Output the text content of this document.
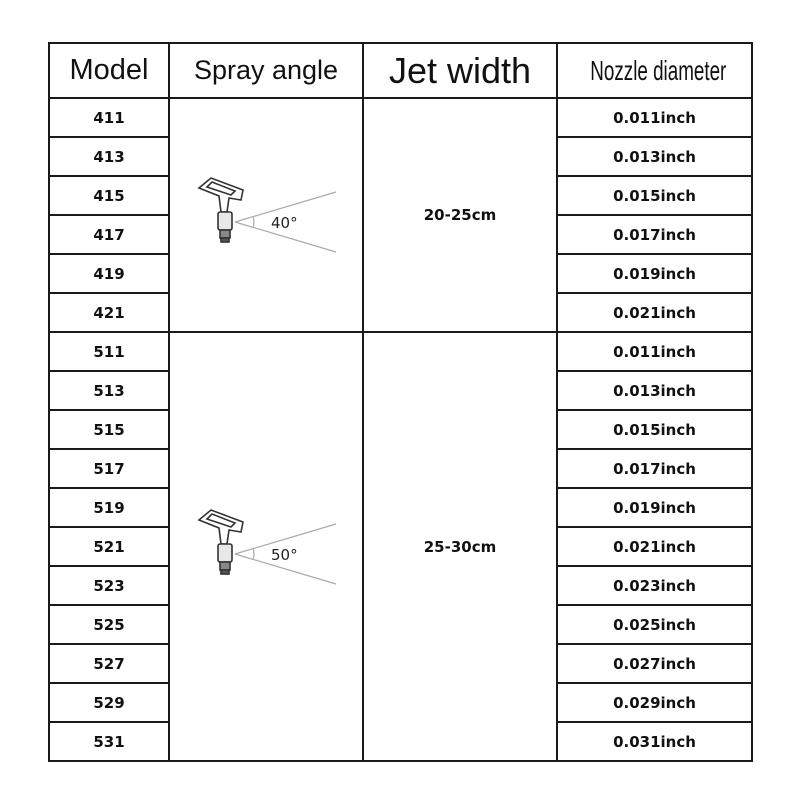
Model	Spray angle	Jet width	Nozzle diameter
411	40°	20-25cm	0.011inch
413			0.013inch
415			0.015inch
417			0.017inch
419			0.019inch
421			0.021inch
511	50°	25-30cm	0.011inch
513			0.013inch
515			0.015inch
517			0.017inch
519			0.019inch
521			0.021inch
523			0.023inch
525			0.025inch
527			0.027inch
529			0.029inch
531			0.031inch
